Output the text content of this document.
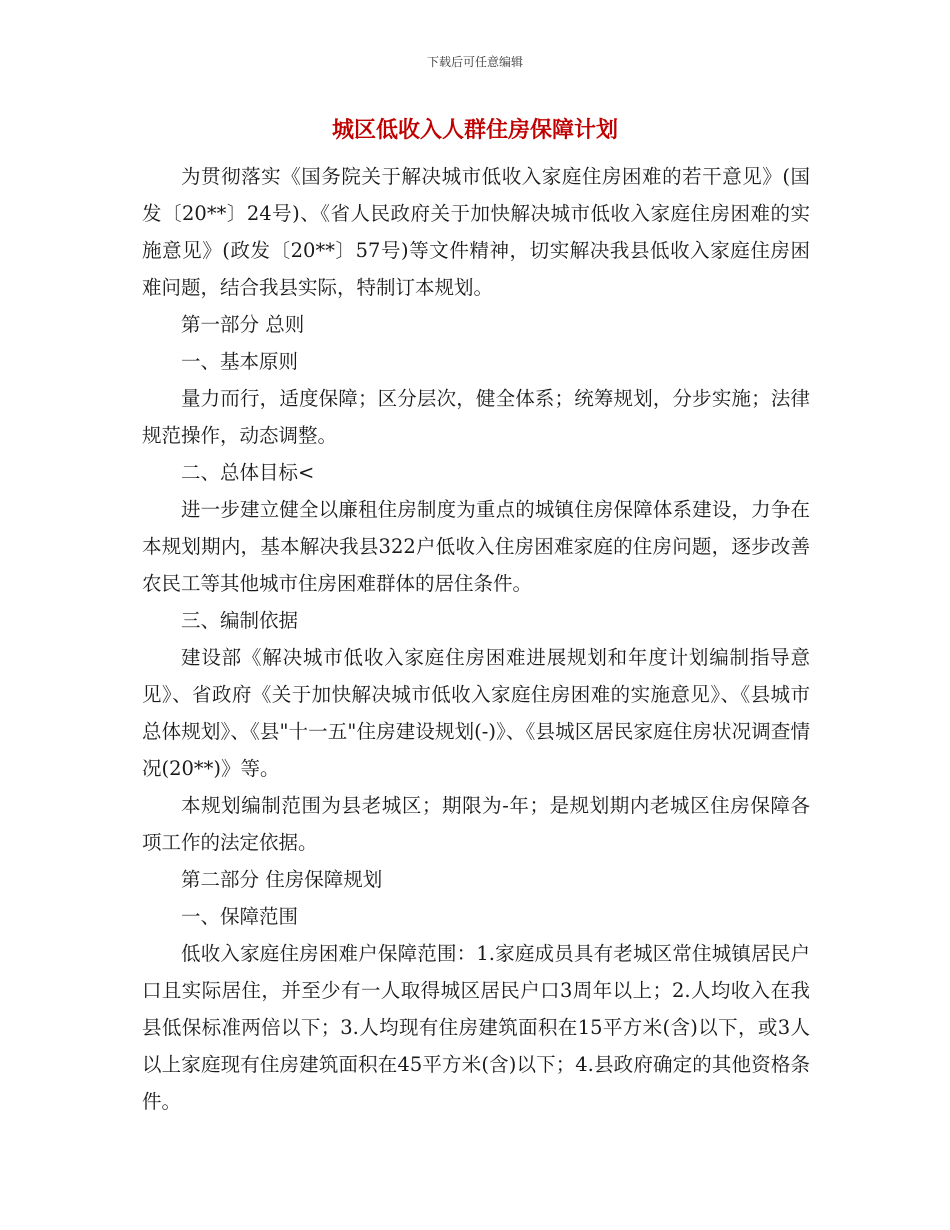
下载后可任意编辑
城区低收入人群住房保障计划

为贯彻落实《国务院关于解决城市低收入家庭住房困难的若干意见》(国发〔20**〕24号)、《省人民政府关于加快解决城市低收入家庭住房困难的实施意见》(政发〔20**〕57号)等文件精神，切实解决我县低收入家庭住房困难问题，结合我县实际，特制订本规划。

第一部分 总则

一、基本原则

量力而行，适度保障；区分层次，健全体系；统筹规划，分步实施；法律规范操作，动态调整。

二、总体目标<

进一步建立健全以廉租住房制度为重点的城镇住房保障体系建设，力争在本规划期内，基本解决我县322户低收入住房困难家庭的住房问题，逐步改善农民工等其他城市住房困难群体的居住条件。

三、编制依据

建设部《解决城市低收入家庭住房困难进展规划和年度计划编制指导意见》、省政府《关于加快解决城市低收入家庭住房困难的实施意见》、《县城市总体规划》、《县"十一五"住房建设规划(-)》、《县城区居民家庭住房状况调查情况(20**)》等。

本规划编制范围为县老城区；期限为-年；是规划期内老城区住房保障各项工作的法定依据。

第二部分 住房保障规划

一、保障范围

低收入家庭住房困难户保障范围：1.家庭成员具有老城区常住城镇居民户口且实际居住，并至少有一人取得城区居民户口3周年以上；2.人均收入在我县低保标准两倍以下；3.人均现有住房建筑面积在15平方米(含)以下，或3人以上家庭现有住房建筑面积在45平方米(含)以下；4.县政府确定的其他资格条件。
